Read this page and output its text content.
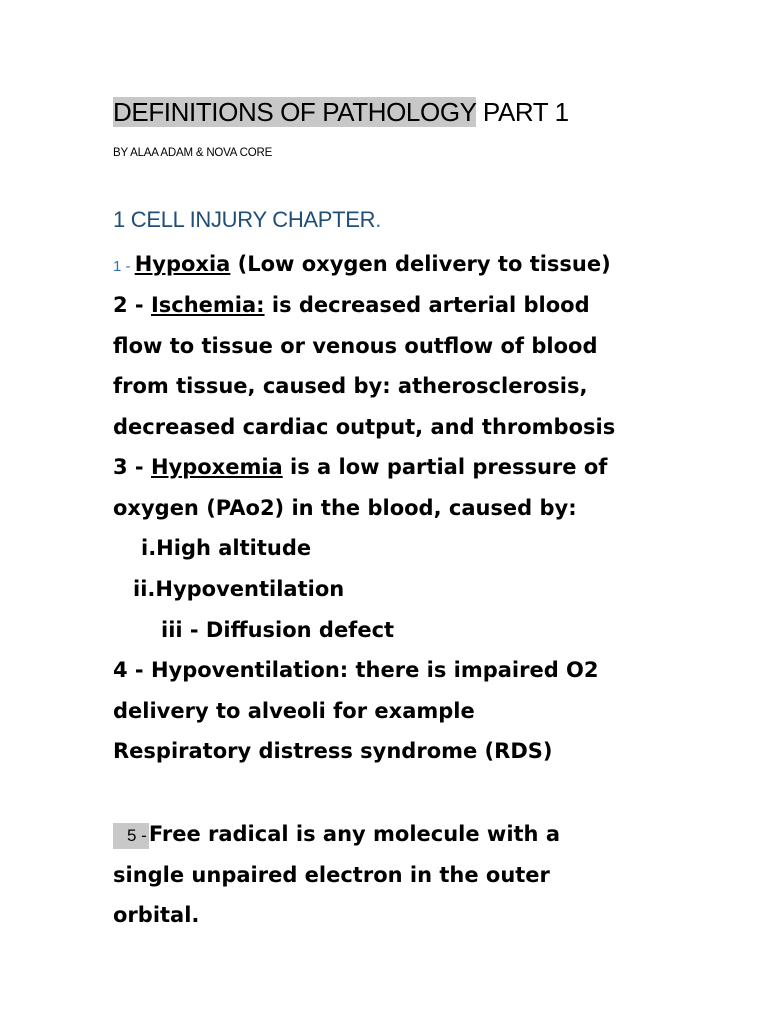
DEFINITIONS OF PATHOLOGY PART 1
BY ALAA ADAM & NOVA CORE
1 CELL INJURY CHAPTER.
1 - Hypoxia (Low oxygen delivery to tissue)
2 - Ischemia: is decreased arterial blood
flow to tissue or venous outflow of blood
from tissue, caused by: atherosclerosis,
decreased cardiac output, and thrombosis
3 - Hypoxemia is a low partial pressure of
oxygen (PAo2) in the blood, caused by:
i.High altitude
ii.Hypoventilation
iii - Diffusion defect
4 - Hypoventilation: there is impaired O2
delivery to alveoli for example
Respiratory distress syndrome (RDS)
5 -Free radical is any molecule with a
single unpaired electron in the outer
orbital.
